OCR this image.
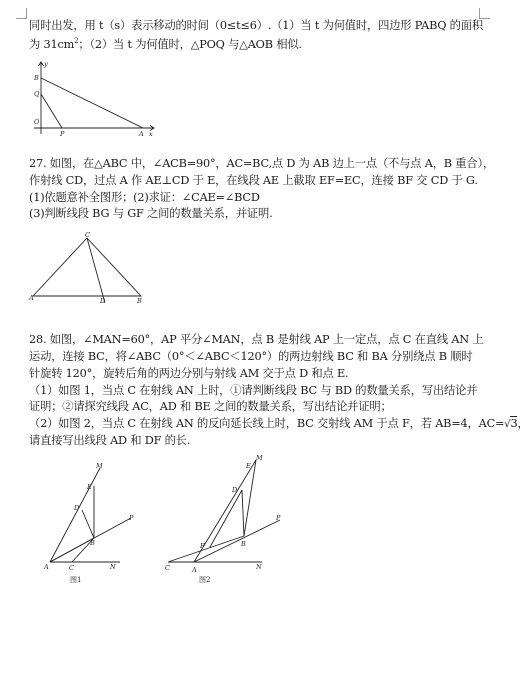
同时出发，用 t（s）表示移动的时间（0≤t≤6）.（1）当 t 为何值时，四边形 PABQ 的面积
为 $31cm^2$；（2）当 t 为何值时，△POQ 与△AOB 相似.
y
B
Q
O
P	A x
27. 如图，在△ABC 中，∠ACB=90°，AC=BC,点 D 为 AB 边上一点（不与点 A，B 重合），
作射线 CD，过点 A 作 AE⊥CD 于 E，在线段 AE 上截取 EF=EC，连接 BF 交 CD 于 G.
(1)依题意补全图形；(2)求证：∠CAE=∠BCD
(3)判断线段 BG 与 GF 之间的数量关系，并证明.
C
A	D	B
28. 如图，∠MAN=60°，AP 平分∠MAN，点 B 是射线 AP 上一定点，点 C 在直线 AN 上
运动，连接 BC，将∠ABC（0°＜∠ABC＜120°）的两边射线 BC 和 BA 分别绕点 B 顺时
针旋转 120°，旋转后角的两边分别与射线 AM 交于点 D 和点 E.
（1）如图 1，当点 C 在射线 AN 上时，①请判断线段 BC 与 BD 的数量关系，写出结论并
证明；②请探究线段 AC，AD 和 BE 之间的数量关系，写出结论并证明；
（2）如图 2，当点 C 在射线 AN 的反向延长线上时，BC 交射线 AM 于点 F，若 AB=4，AC=√3，
请直接写出线段 AD 和 DF 的长.
M
E
D
P
B
A	C	N
图1
M
E
D
P
F	B
C	A	N
图2
